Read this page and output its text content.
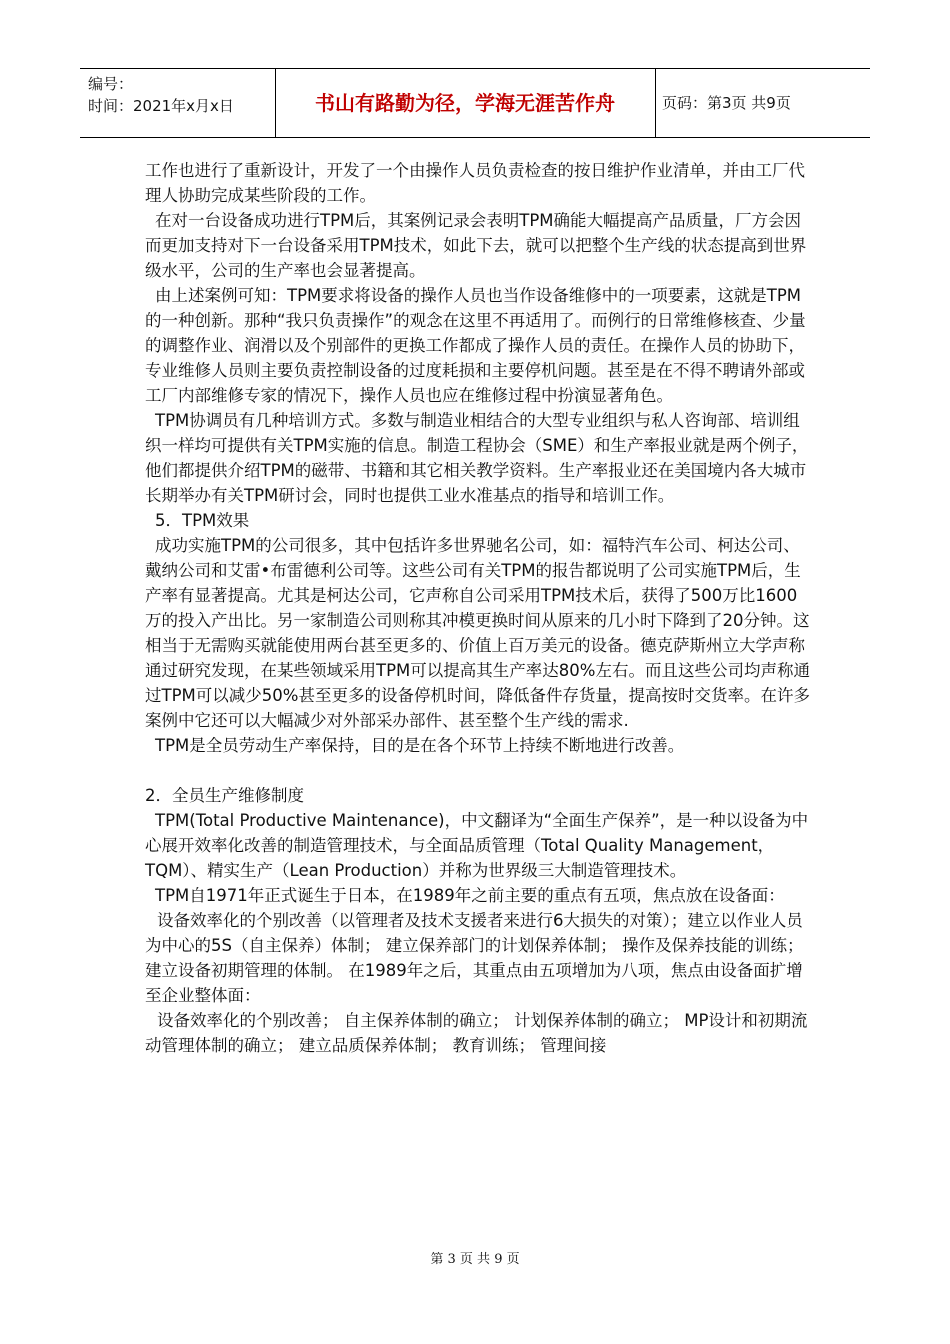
编号：
时间：2021年x月x日	书山有路勤为径，学海无涯苦作舟	页码：第3页 共9页

工作也进行了重新设计，开发了一个由操作人员负责检查的按日维护作业清单，并由工厂代理人协助完成某些阶段的工作。

在对一台设备成功进行TPM后，其案例记录会表明TPM确能大幅提高产品质量，厂方会因而更加支持对下一台设备采用TPM技术，如此下去，就可以把整个生产线的状态提高到世界级水平，公司的生产率也会显著提高。

由上述案例可知：TPM要求将设备的操作人员也当作设备维修中的一项要素，这就是TPM的一种创新。那种“我只负责操作”的观念在这里不再适用了。而例行的日常维修核查、少量的调整作业、润滑以及个别部件的更换工作都成了操作人员的责任。在操作人员的协助下，专业维修人员则主要负责控制设备的过度耗损和主要停机问题。甚至是在不得不聘请外部或工厂内部维修专家的情况下，操作人员也应在维修过程中扮演显著角色。

TPM协调员有几种培训方式。多数与制造业相结合的大型专业组织与私人咨询部、培训组织一样均可提供有关TPM实施的信息。制造工程协会（SME）和生产率报业就是两个例子，他们都提供介绍TPM的磁带、书籍和其它相关教学资料。生产率报业还在美国境内各大城市长期举办有关TPM研讨会，同时也提供工业水准基点的指导和培训工作。

5．TPM效果

成功实施TPM的公司很多，其中包括许多世界驰名公司，如：福特汽车公司、柯达公司、戴纳公司和艾雷•布雷德利公司等。这些公司有关TPM的报告都说明了公司实施TPM后，生产率有显著提高。尤其是柯达公司，它声称自公司采用TPM技术后，获得了500万比1600万的投入产出比。另一家制造公司则称其冲模更换时间从原来的几小时下降到了20分钟。这相当于无需购买就能使用两台甚至更多的、价值上百万美元的设备。德克萨斯州立大学声称通过研究发现，在某些领域采用TPM可以提高其生产率达80%左右。而且这些公司均声称通过TPM可以减少50%甚至更多的设备停机时间，降低备件存货量，提高按时交货率。在许多案例中它还可以大幅减少对外部采办部件、甚至整个生产线的需求.

TPM是全员劳动生产率保持，目的是在各个环节上持续不断地进行改善。

2．全员生产维修制度

TPM(Total Productive Maintenance)，中文翻译为“全面生产保养”，是一种以设备为中心展开效率化改善的制造管理技术，与全面品质管理（Total Quality Management，TQM）、精实生产（Lean Production）并称为世界级三大制造管理技术。

TPM自1971年正式诞生于日本，在1989年之前主要的重点有五项，焦点放在设备面：

设备效率化的个别改善（以管理者及技术支援者来进行6大损失的对策）；建立以作业人员为中心的5S（自主保养）体制； 建立保养部门的计划保养体制； 操作及保养技能的训练； 建立设备初期管理的体制。 在1989年之后，其重点由五项增加为八项，焦点由设备面扩增至企业整体面：

设备效率化的个别改善； 自主保养体制的确立； 计划保养体制的确立； MP设计和初期流动管理体制的确立； 建立品质保养体制； 教育训练； 管理间接

第 3 页 共 9 页
